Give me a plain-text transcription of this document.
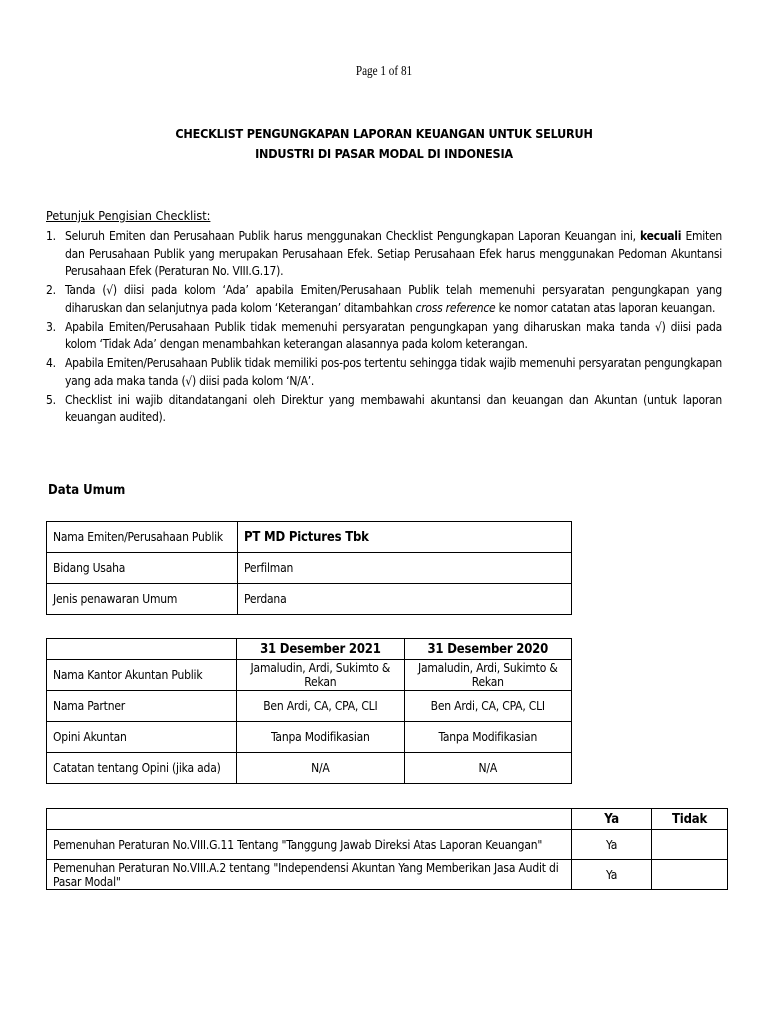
Page 1 of 81
CHECKLIST PENGUNGKAPAN LAPORAN KEUANGAN UNTUK SELURUH
INDUSTRI DI PASAR MODAL DI INDONESIA
Petunjuk Pengisian Checklist:
1. Seluruh Emiten dan Perusahaan Publik harus menggunakan Checklist Pengungkapan Laporan Keuangan ini, kecuali Emiten dan Perusahaan Publik yang merupakan Perusahaan Efek. Setiap Perusahaan Efek harus menggunakan Pedoman Akuntansi Perusahaan Efek (Peraturan No. VIII.G.17).
2. Tanda (√) diisi pada kolom ‘Ada’ apabila Emiten/Perusahaan Publik telah memenuhi persyaratan pengungkapan yang diharuskan dan selanjutnya pada kolom ‘Keterangan’ ditambahkan cross reference ke nomor catatan atas laporan keuangan.
3. Apabila Emiten/Perusahaan Publik tidak memenuhi persyaratan pengungkapan yang diharuskan maka tanda √) diisi pada kolom ‘Tidak Ada’ dengan menambahkan keterangan alasannya pada kolom keterangan.
4. Apabila Emiten/Perusahaan Publik tidak memiliki pos-pos tertentu sehingga tidak wajib memenuhi persyaratan pengungkapan yang ada maka tanda (√) diisi pada kolom ‘N/A’.
5. Checklist ini wajib ditandatangani oleh Direktur yang membawahi akuntansi dan keuangan dan Akuntan (untuk laporan keuangan audited).
Data Umum
Nama Emiten/Perusahaan Publik	PT MD Pictures Tbk
Bidang Usaha	Perfilman
Jenis penawaran Umum	Perdana
	31 Desember 2021	31 Desember 2020
Nama Kantor Akuntan Publik	Jamaludin, Ardi, Sukimto & Rekan	Jamaludin, Ardi, Sukimto & Rekan
Nama Partner	Ben Ardi, CA, CPA, CLI	Ben Ardi, CA, CPA, CLI
Opini Akuntan	Tanpa Modifikasian	Tanpa Modifikasian
Catatan tentang Opini (jika ada)	N/A	N/A
	Ya	Tidak
Pemenuhan Peraturan No.VIII.G.11 Tentang "Tanggung Jawab Direksi Atas Laporan Keuangan"	Ya	
Pemenuhan Peraturan No.VIII.A.2 tentang "Independensi Akuntan Yang Memberikan Jasa Audit di Pasar Modal"	Ya	
